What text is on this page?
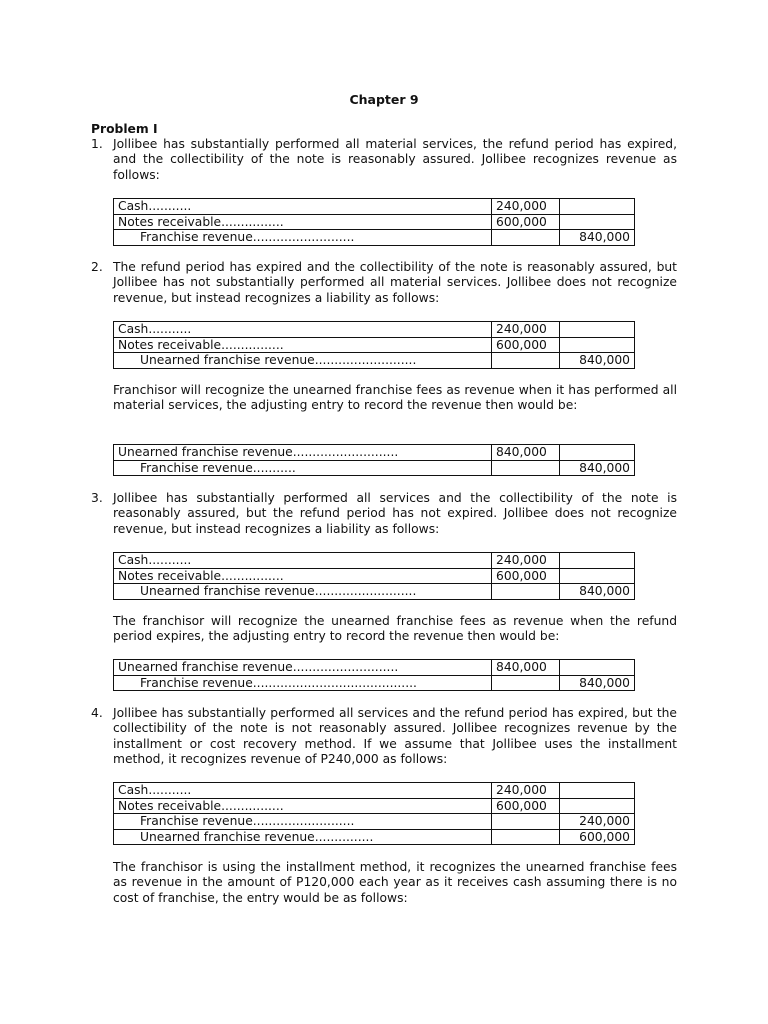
Chapter 9
Problem I
1. Jollibee has substantially performed all material services, the refund period has expired, and the collectibility of the note is reasonably assured. Jollibee recognizes revenue as follows:
Cash...........	240,000	
Notes receivable................	600,000	
Franchise revenue..........................		840,000
2. The refund period has expired and the collectibility of the note is reasonably assured, but Jollibee has not substantially performed all material services. Jollibee does not recognize revenue, but instead recognizes a liability as follows:
Cash...........	240,000	
Notes receivable................	600,000	
Unearned franchise revenue..........................		840,000
Franchisor will recognize the unearned franchise fees as revenue when it has performed all material services, the adjusting entry to record the revenue then would be:
Unearned franchise revenue...........................	840,000	
Franchise revenue...........		840,000
3. Jollibee has substantially performed all services and the collectibility of the note is reasonably assured, but the refund period has not expired. Jollibee does not recognize revenue, but instead recognizes a liability as follows:
Cash...........	240,000	
Notes receivable................	600,000	
Unearned franchise revenue..........................		840,000
The franchisor will recognize the unearned franchise fees as revenue when the refund period expires, the adjusting entry to record the revenue then would be:
Unearned franchise revenue...........................	840,000	
Franchise revenue..........................................		840,000
4. Jollibee has substantially performed all services and the refund period has expired, but the collectibility of the note is not reasonably assured. Jollibee recognizes revenue by the installment or cost recovery method. If we assume that Jollibee uses the installment method, it recognizes revenue of P240,000 as follows:
Cash...........	240,000	
Notes receivable................	600,000	
Franchise revenue..........................		240,000
Unearned franchise revenue...............		600,000
The franchisor is using the installment method, it recognizes the unearned franchise fees as revenue in the amount of P120,000 each year as it receives cash assuming there is no cost of franchise, the entry would be as follows:
